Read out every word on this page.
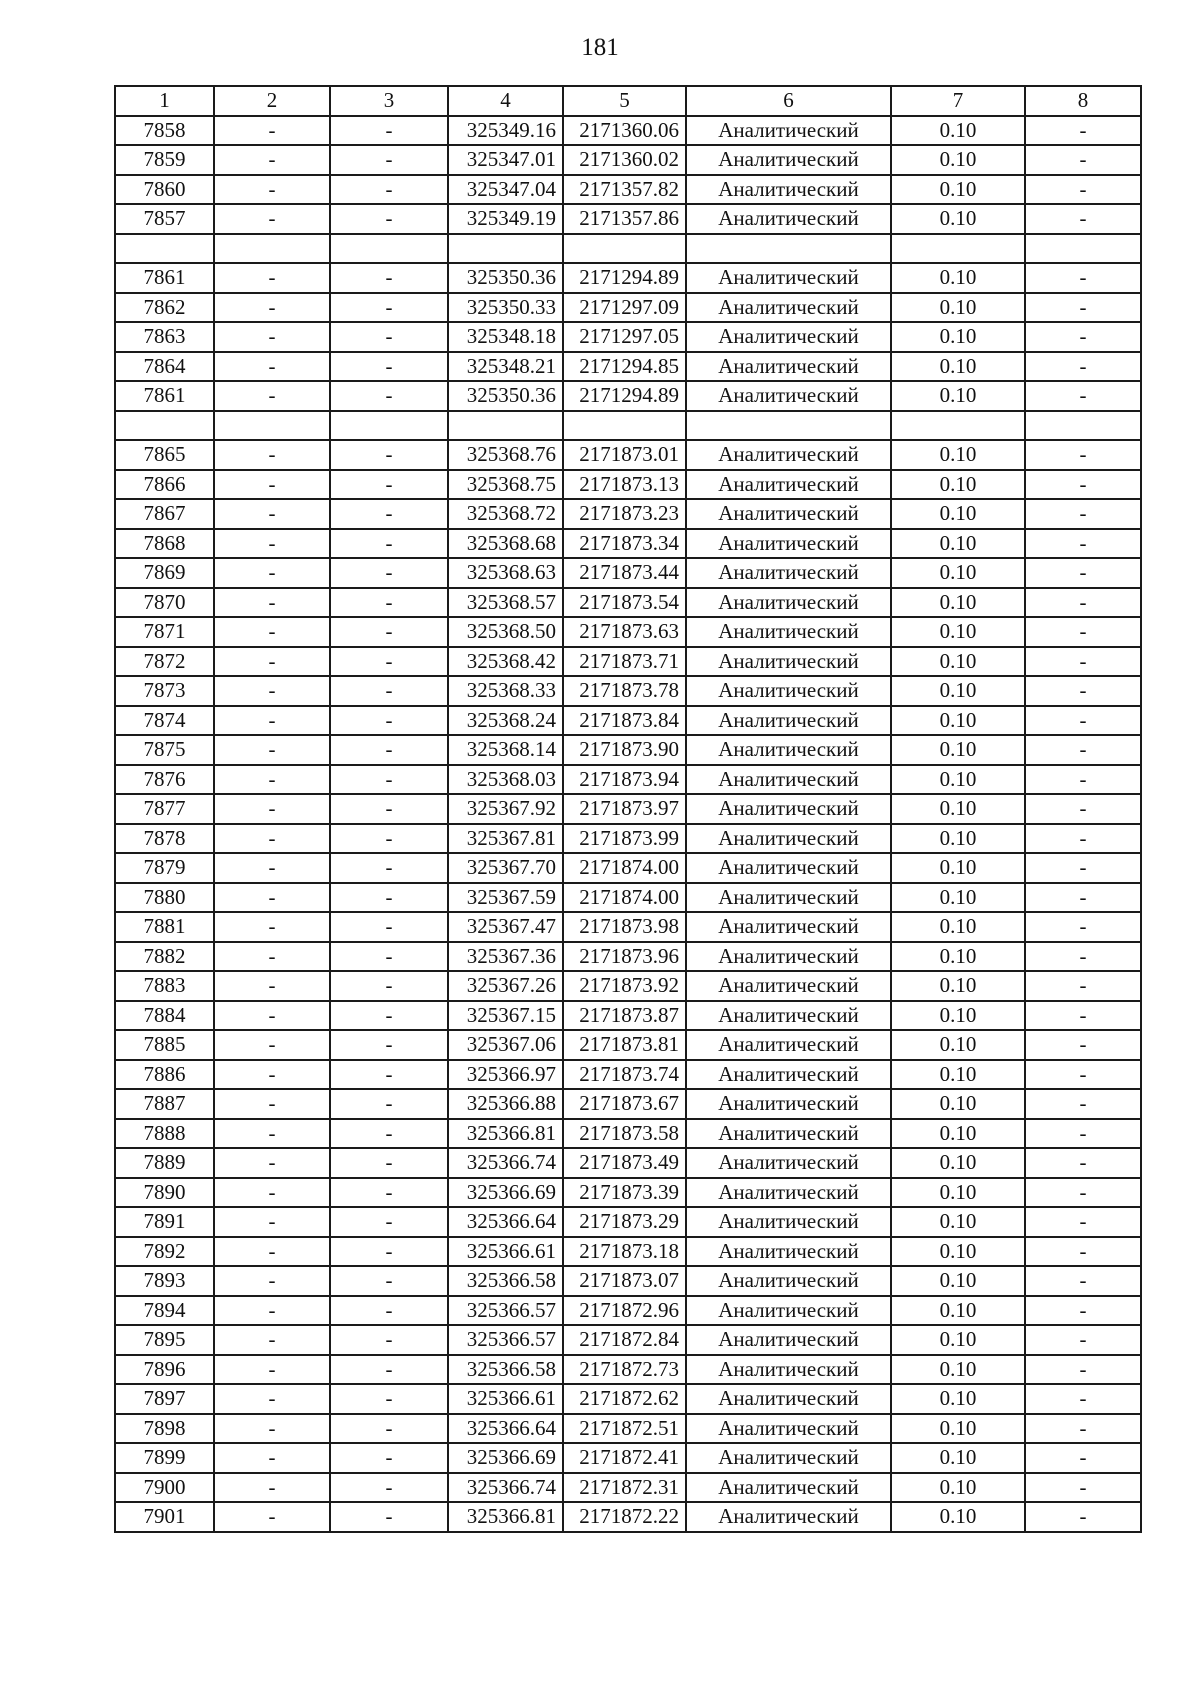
181
1	2	3	4	5	6	7	8
7858	-	-	325349.16	2171360.06	Аналитический	0.10	-
7859	-	-	325347.01	2171360.02	Аналитический	0.10	-
7860	-	-	325347.04	2171357.82	Аналитический	0.10	-
7857	-	-	325349.19	2171357.86	Аналитический	0.10	-

7861	-	-	325350.36	2171294.89	Аналитический	0.10	-
7862	-	-	325350.33	2171297.09	Аналитический	0.10	-
7863	-	-	325348.18	2171297.05	Аналитический	0.10	-
7864	-	-	325348.21	2171294.85	Аналитический	0.10	-
7861	-	-	325350.36	2171294.89	Аналитический	0.10	-

7865	-	-	325368.76	2171873.01	Аналитический	0.10	-
7866	-	-	325368.75	2171873.13	Аналитический	0.10	-
7867	-	-	325368.72	2171873.23	Аналитический	0.10	-
7868	-	-	325368.68	2171873.34	Аналитический	0.10	-
7869	-	-	325368.63	2171873.44	Аналитический	0.10	-
7870	-	-	325368.57	2171873.54	Аналитический	0.10	-
7871	-	-	325368.50	2171873.63	Аналитический	0.10	-
7872	-	-	325368.42	2171873.71	Аналитический	0.10	-
7873	-	-	325368.33	2171873.78	Аналитический	0.10	-
7874	-	-	325368.24	2171873.84	Аналитический	0.10	-
7875	-	-	325368.14	2171873.90	Аналитический	0.10	-
7876	-	-	325368.03	2171873.94	Аналитический	0.10	-
7877	-	-	325367.92	2171873.97	Аналитический	0.10	-
7878	-	-	325367.81	2171873.99	Аналитический	0.10	-
7879	-	-	325367.70	2171874.00	Аналитический	0.10	-
7880	-	-	325367.59	2171874.00	Аналитический	0.10	-
7881	-	-	325367.47	2171873.98	Аналитический	0.10	-
7882	-	-	325367.36	2171873.96	Аналитический	0.10	-
7883	-	-	325367.26	2171873.92	Аналитический	0.10	-
7884	-	-	325367.15	2171873.87	Аналитический	0.10	-
7885	-	-	325367.06	2171873.81	Аналитический	0.10	-
7886	-	-	325366.97	2171873.74	Аналитический	0.10	-
7887	-	-	325366.88	2171873.67	Аналитический	0.10	-
7888	-	-	325366.81	2171873.58	Аналитический	0.10	-
7889	-	-	325366.74	2171873.49	Аналитический	0.10	-
7890	-	-	325366.69	2171873.39	Аналитический	0.10	-
7891	-	-	325366.64	2171873.29	Аналитический	0.10	-
7892	-	-	325366.61	2171873.18	Аналитический	0.10	-
7893	-	-	325366.58	2171873.07	Аналитический	0.10	-
7894	-	-	325366.57	2171872.96	Аналитический	0.10	-
7895	-	-	325366.57	2171872.84	Аналитический	0.10	-
7896	-	-	325366.58	2171872.73	Аналитический	0.10	-
7897	-	-	325366.61	2171872.62	Аналитический	0.10	-
7898	-	-	325366.64	2171872.51	Аналитический	0.10	-
7899	-	-	325366.69	2171872.41	Аналитический	0.10	-
7900	-	-	325366.74	2171872.31	Аналитический	0.10	-
7901	-	-	325366.81	2171872.22	Аналитический	0.10	-
